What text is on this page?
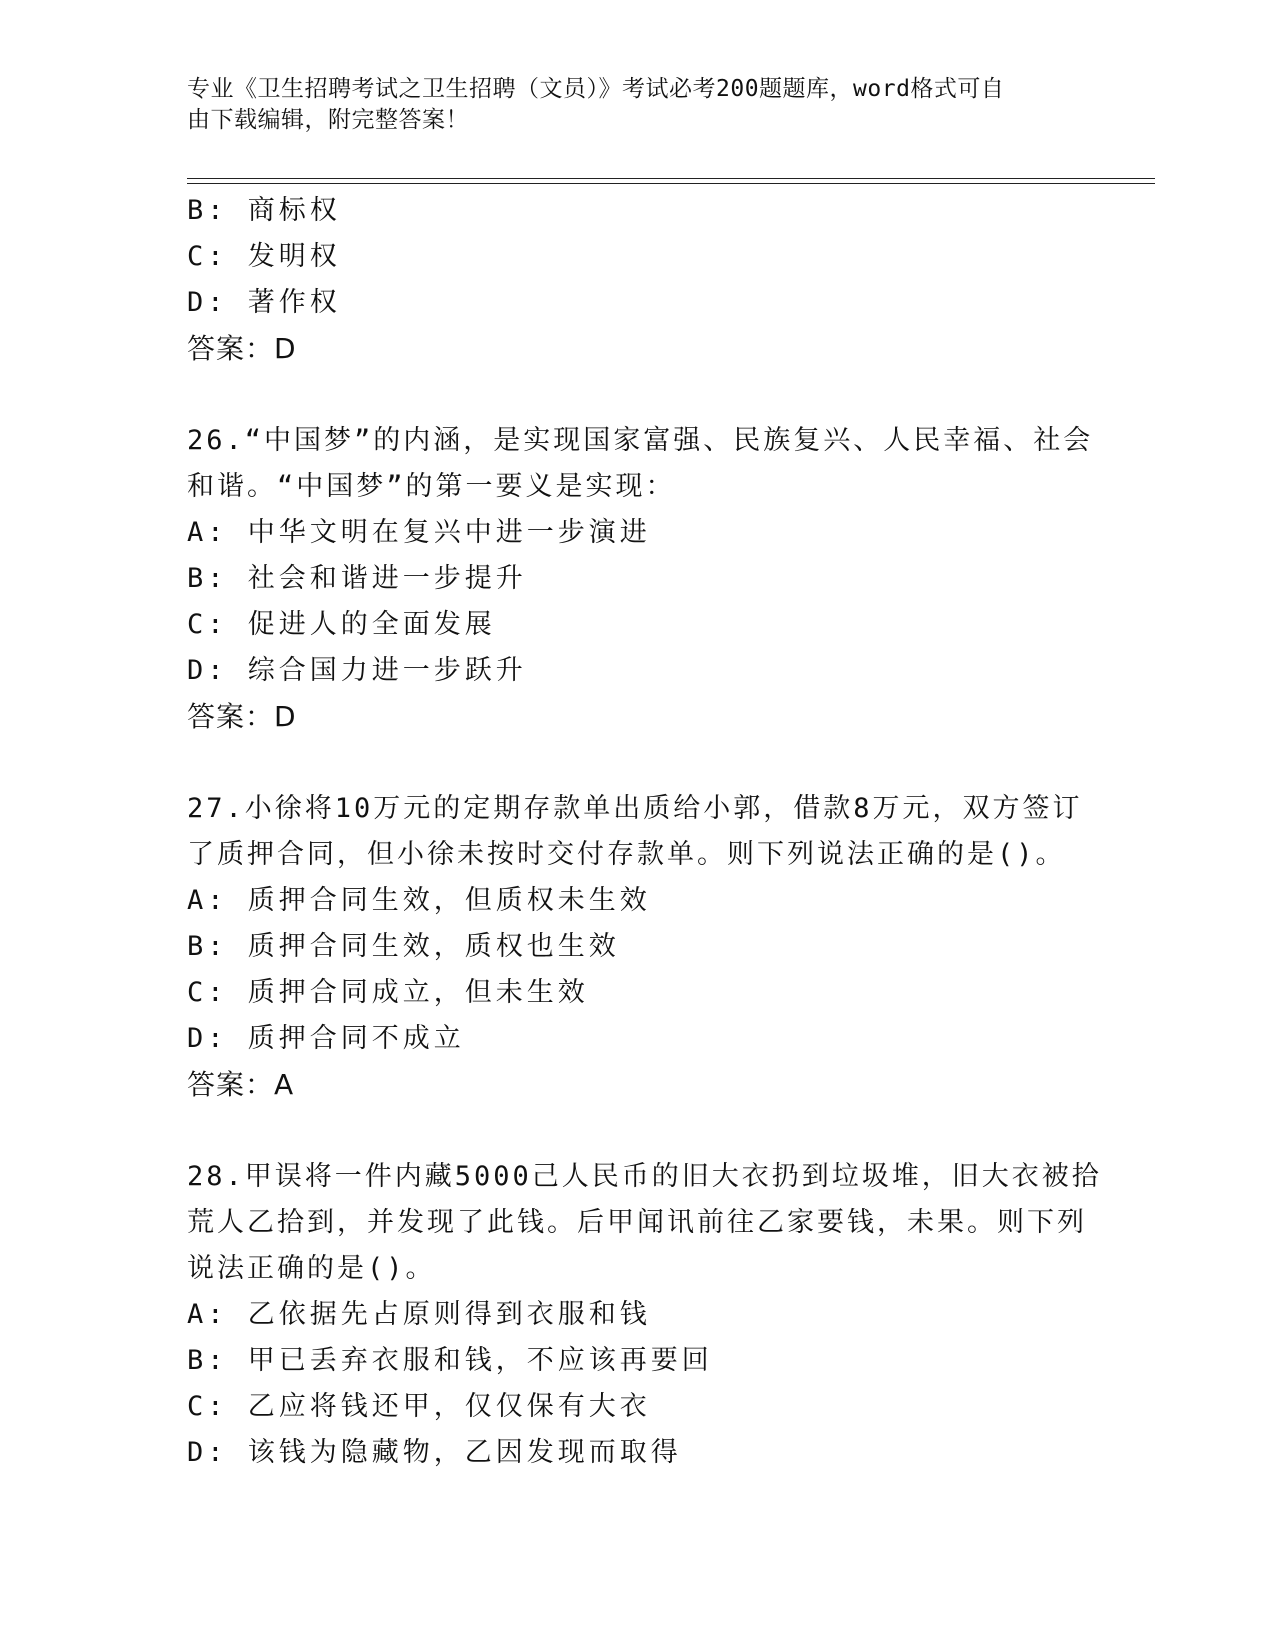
专业《卫生招聘考试之卫生招聘（文员）》考试必考200题题库，word格式可自
由下载编辑，附完整答案！
B: 商标权
C: 发明权
D: 著作权
答案：D
26.“中国梦”的内涵，是实现国家富强、民族复兴、人民幸福、社会
和谐。“中国梦”的第一要义是实现：
A: 中华文明在复兴中进一步演进
B: 社会和谐进一步提升
C: 促进人的全面发展
D: 综合国力进一步跃升
答案：D
27.小徐将10万元的定期存款单出质给小郭，借款8万元，双方签订
了质押合同，但小徐未按时交付存款单。则下列说法正确的是()。
A: 质押合同生效，但质权未生效
B: 质押合同生效，质权也生效
C: 质押合同成立，但未生效
D: 质押合同不成立
答案：A
28.甲误将一件内藏5000己人民币的旧大衣扔到垃圾堆，旧大衣被拾
荒人乙拾到，并发现了此钱。后甲闻讯前往乙家要钱，未果。则下列
说法正确的是()。
A: 乙依据先占原则得到衣服和钱
B: 甲已丢弃衣服和钱，不应该再要回
C: 乙应将钱还甲，仅仅保有大衣
D: 该钱为隐藏物，乙因发现而取得
